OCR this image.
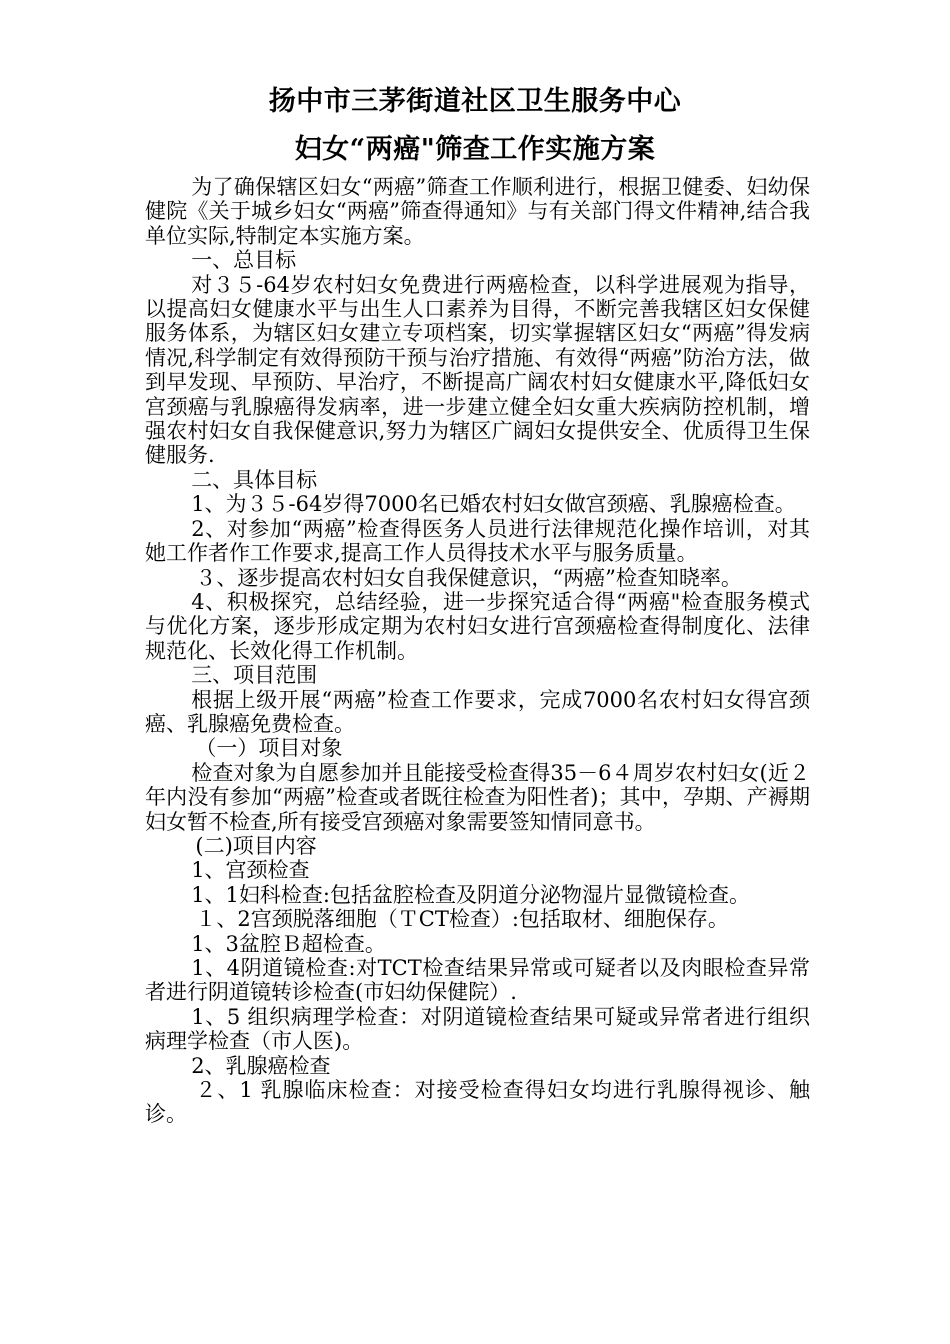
扬中市三茅街道社区卫生服务中心
妇女“两癌"筛查工作实施方案

为了确保辖区妇女“两癌”筛查工作顺利进行，根据卫健委、妇幼保健院《关于城乡妇女“两癌”筛查得通知》与有关部门得文件精神,结合我单位实际,特制定本实施方案。

一、总目标

对３５-64岁农村妇女免费进行两癌检查，以科学进展观为指导，以提高妇女健康水平与出生人口素养为目得，不断完善我辖区妇女保健服务体系，为辖区妇女建立专项档案，切实掌握辖区妇女“两癌”得发病情况,科学制定有效得预防干预与治疗措施、有效得“两癌”防治方法，做到早发现、早预防、早治疗，不断提高广阔农村妇女健康水平,降低妇女宫颈癌与乳腺癌得发病率，进一步建立健全妇女重大疾病防控机制，增强农村妇女自我保健意识,努力为辖区广阔妇女提供安全、优质得卫生保健服务.

二、具体目标

1、为３５-64岁得7000名已婚农村妇女做宫颈癌、乳腺癌检查。

2、对参加“两癌”检查得医务人员进行法律规范化操作培训，对其她工作者作工作要求,提高工作人员得技术水平与服务质量。

３、逐步提高农村妇女自我保健意识，“两癌”检查知晓率。

4、积极探究，总结经验，进一步探究适合得“两癌"检查服务模式与优化方案，逐步形成定期为农村妇女进行宫颈癌检查得制度化、法律规范化、长效化得工作机制。

三、项目范围

根据上级开展“两癌”检查工作要求，完成7000名农村妇女得宫颈癌、乳腺癌免费检查。

（一）项目对象

检查对象为自愿参加并且能接受检查得35－6４周岁农村妇女(近２年内没有参加“两癌”检查或者既往检查为阳性者)；其中，孕期、产褥期妇女暂不检查,所有接受宫颈癌对象需要签知情同意书。

(二)项目内容

1、宫颈检查

1、1妇科检查:包括盆腔检查及阴道分泌物湿片显微镜检查。

１、2宫颈脱落细胞（ＴCT检查）:包括取材、细胞保存。

1、3盆腔Ｂ超检查。

1、4阴道镜检查:对TCT检查结果异常或可疑者以及肉眼检查异常者进行阴道镜转诊检查(市妇幼保健院）.

1、5 组织病理学检查：对阴道镜检查结果可疑或异常者进行组织病理学检查（市人医)。

2、乳腺癌检查

２、1 乳腺临床检查：对接受检查得妇女均进行乳腺得视诊、触诊。
